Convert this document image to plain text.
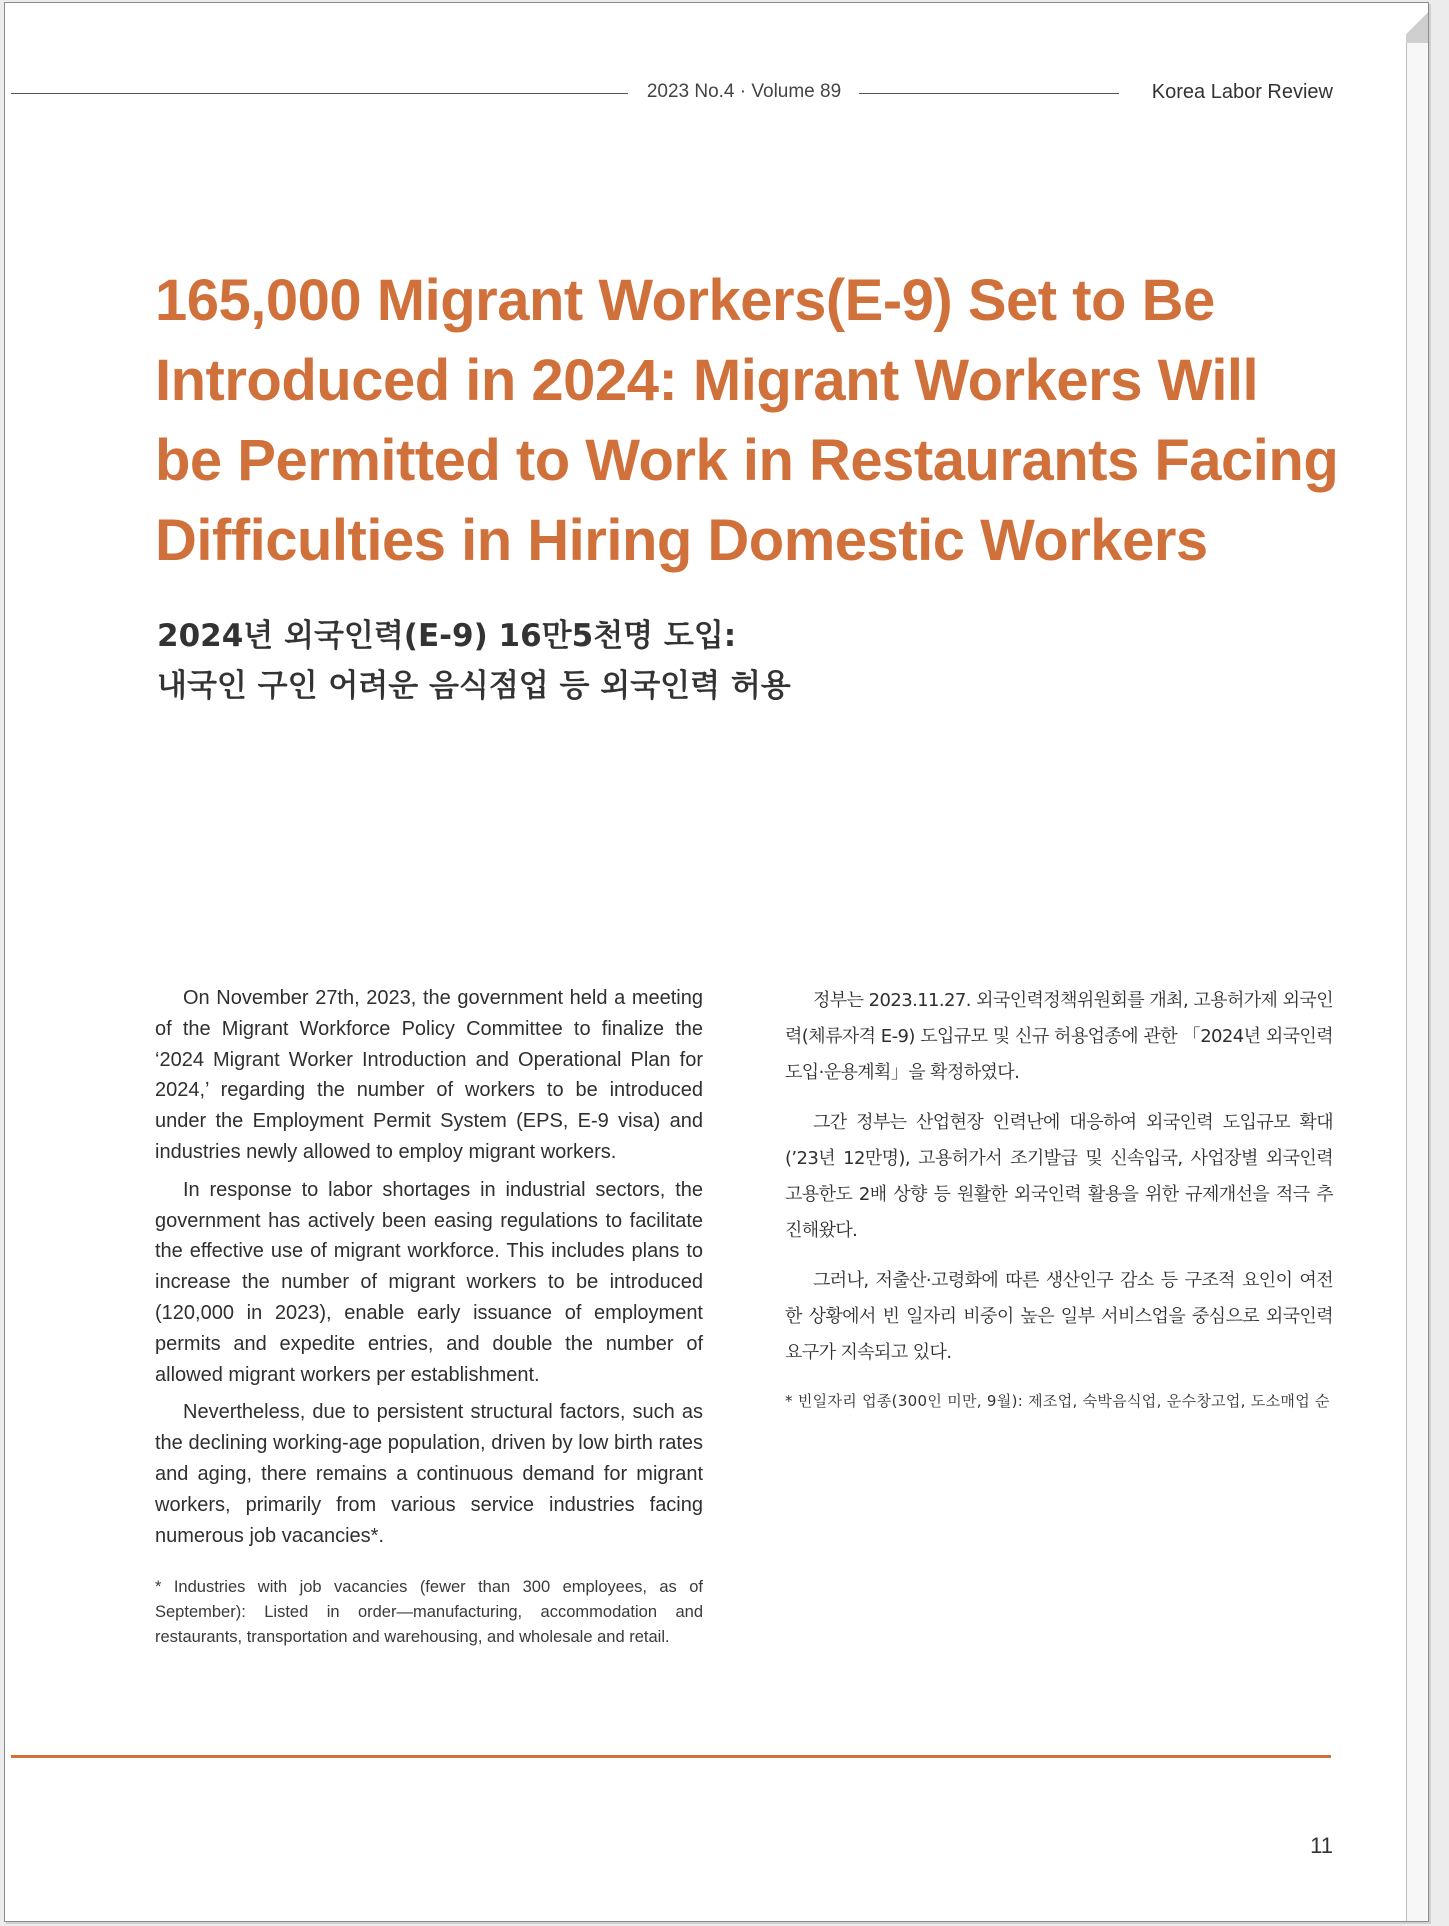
2023 No.4 · Volume 89	Korea Labor Review
165,000 Migrant Workers(E-9) Set to Be
Introduced in 2024: Migrant Workers Will
be Permitted to Work in Restaurants Facing
Difficulties in Hiring Domestic Workers
2024년 외국인력(E-9) 16만5천명 도입:
내국인 구인 어려운 음식점업 등 외국인력 허용

On November 27th, 2023, the government held a meeting of the Migrant Workforce Policy Committee to finalize the ‘2024 Migrant Worker Introduction and Operational Plan for 2024,’ regarding the number of workers to be introduced under the Employment Permit System (EPS, E-9 visa) and industries newly allowed to employ migrant workers.

In response to labor shortages in industrial sectors, the government has actively been easing regulations to facilitate the effective use of migrant workforce. This includes plans to increase the number of migrant workers to be introduced (120,000 in 2023), enable early issuance of employment permits and expedite entries, and double the number of allowed migrant workers per establishment.

Nevertheless, due to persistent structural factors, such as the declining working-age population, driven by low birth rates and aging, there remains a continuous demand for migrant workers, primarily from various service industries facing numerous job vacancies*.

* Industries with job vacancies (fewer than 300 employees, as of September): Listed in order—manufacturing, accommodation and restaurants, transportation and warehousing, and wholesale and retail.

정부는 2023.11.27. 외국인력정책위원회를 개최, 고용허가제 외국인력(체류자격 E-9) 도입규모 및 신규 허용업종에 관한 「2024년 외국인력 도입·운용계획」을 확정하였다.

그간 정부는 산업현장 인력난에 대응하여 외국인력 도입규모 확대(’23년 12만명), 고용허가서 조기발급 및 신속입국, 사업장별 외국인력 고용한도 2배 상향 등 원활한 외국인력 활용을 위한 규제개선을 적극 추진해왔다.

그러나, 저출산·고령화에 따른 생산인구 감소 등 구조적 요인이 여전한 상황에서 빈 일자리 비중이 높은 일부 서비스업을 중심으로 외국인력 요구가 지속되고 있다.

* 빈일자리 업종(300인 미만, 9월): 제조업, 숙박음식업, 운수창고업, 도소매업 순

11
